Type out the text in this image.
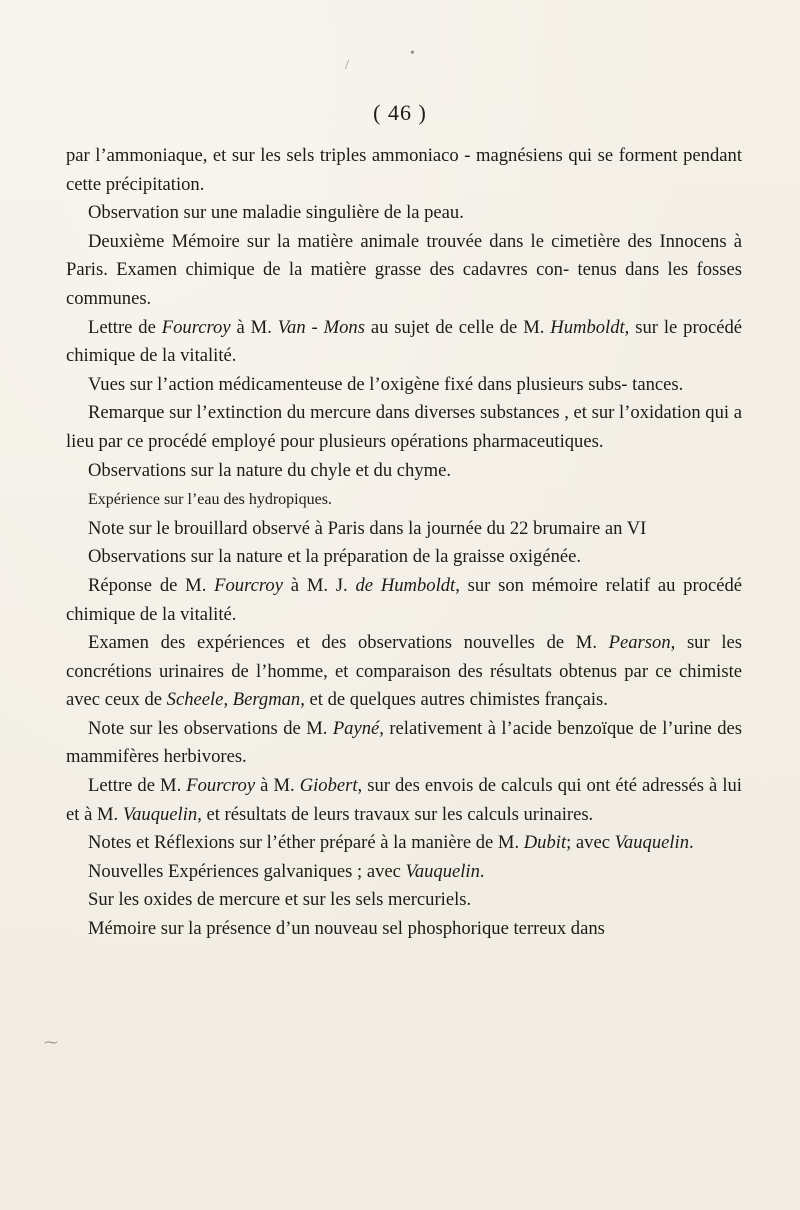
( 46 )
•
/
⁓

par l’ammoniaque, et sur les sels triples ammoniaco - magnésiens qui se forment pendant cette précipitation.

Observation sur une maladie singulière de la peau.

Deuxième Mémoire sur la matière animale trouvée dans le cimetière des Innocens à Paris. Examen chimique de la matière grasse des cadavres con- tenus dans les fosses communes.

Lettre de Fourcroy à M. Van - Mons au sujet de celle de M. Humboldt, sur le procédé chimique de la vitalité.

Vues sur l’action médicamenteuse de l’oxigène fixé dans plusieurs subs- tances.

Remarque sur l’extinction du mercure dans diverses substances , et sur l’oxidation qui a lieu par ce procédé employé pour plusieurs opérations pharmaceutiques.

Observations sur la nature du chyle et du chyme.

Expérience sur l’eau des hydropiques.

Note sur le brouillard observé à Paris dans la journée du 22 brumaire an VI

Observations sur la nature et la préparation de la graisse oxigénée.

Réponse de M. Fourcroy à M. J. de Humboldt, sur son mémoire relatif au procédé chimique de la vitalité.

Examen des expériences et des observations nouvelles de M. Pearson, sur les concrétions urinaires de l’homme, et comparaison des résultats obtenus par ce chimiste avec ceux de Scheele, Bergman, et de quelques autres chimistes français.

Note sur les observations de M. Payné, relativement à l’acide benzoïque de l’urine des mammifères herbivores.

Lettre de M. Fourcroy à M. Giobert, sur des envois de calculs qui ont été adressés à lui et à M. Vauquelin, et résultats de leurs travaux sur les calculs urinaires.

Notes et Réflexions sur l’éther préparé à la manière de M. Dubit; avec Vauquelin.

Nouvelles Expériences galvaniques ; avec Vauquelin.

Sur les oxides de mercure et sur les sels mercuriels.

Mémoire sur la présence d’un nouveau sel phosphorique terreux dans
